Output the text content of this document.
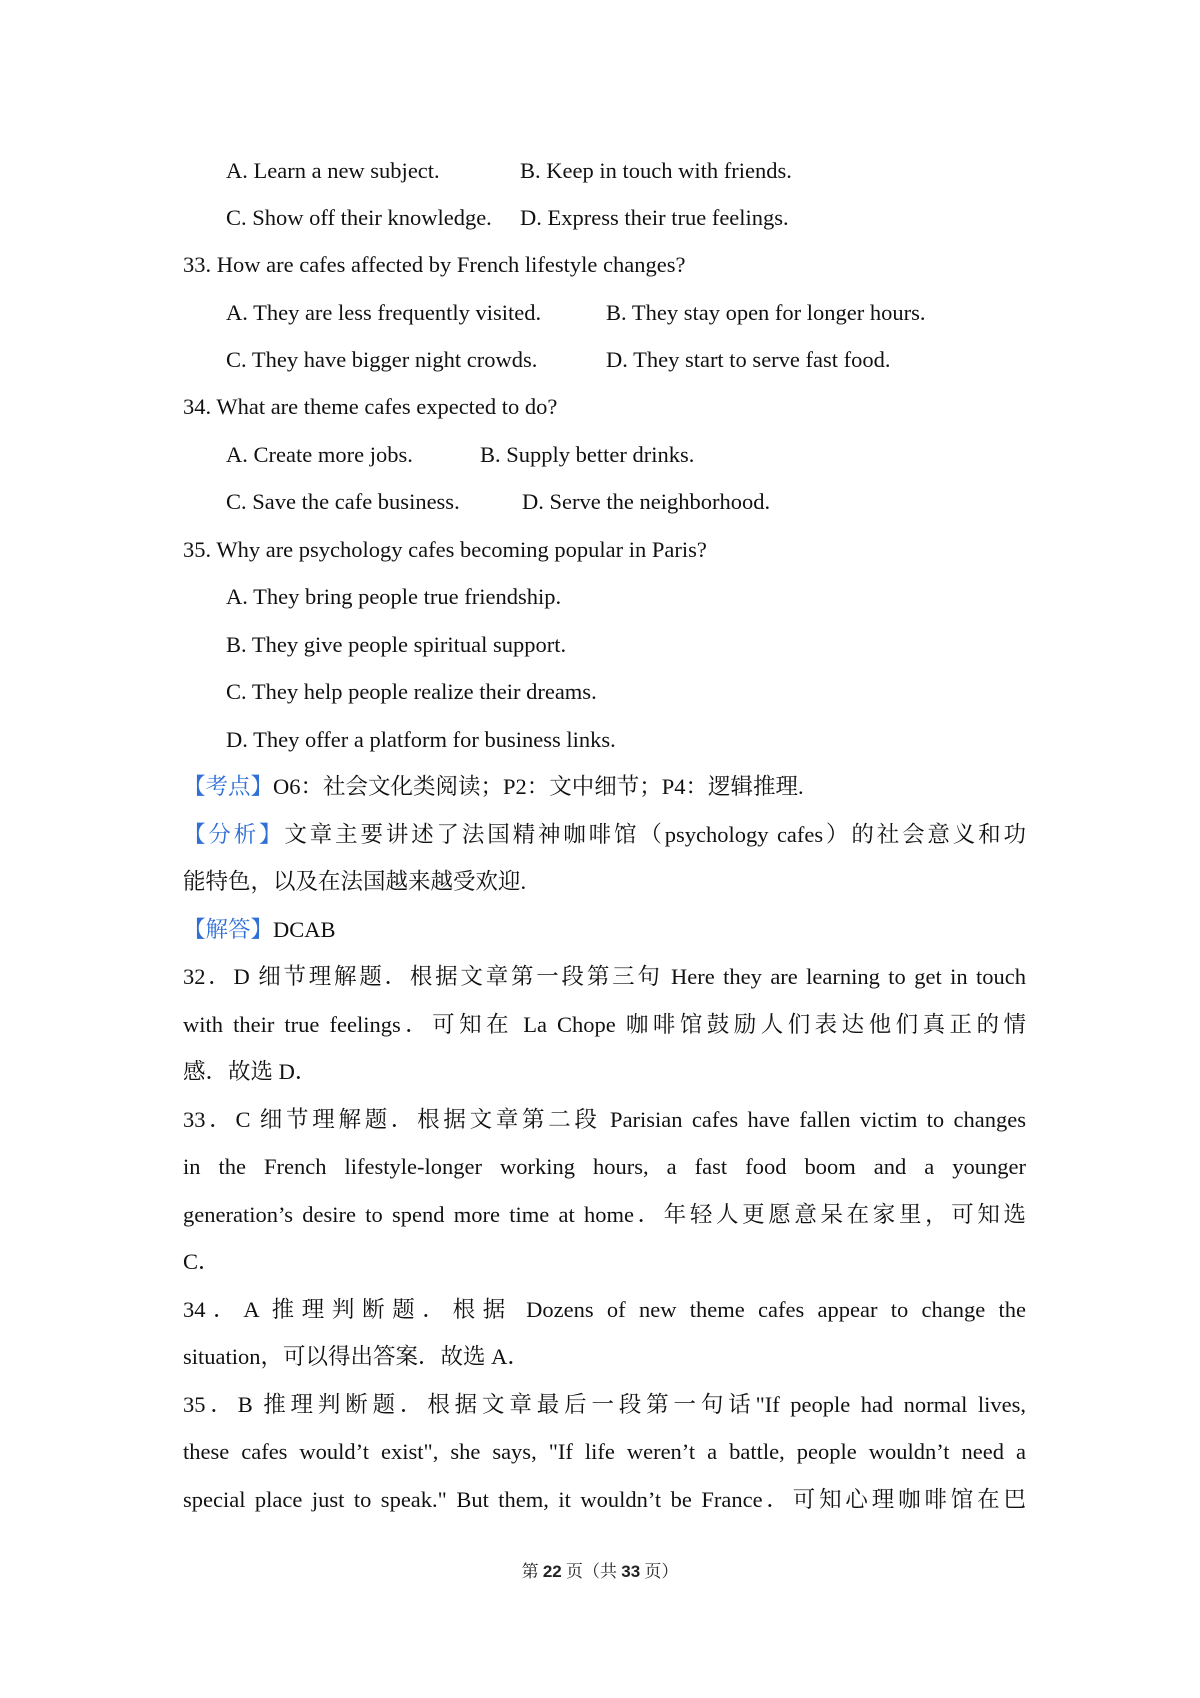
A. Learn a new subject.	B. Keep in touch with friends.
C. Show off their knowledge. D. Express their true feelings.
33. How are cafes affected by French lifestyle changes?
A. They are less frequently visited.	B. They stay open for longer hours.
C. They have bigger night crowds.	D. They start to serve fast food.
34. What are theme cafes expected to do?
A. Create more jobs.	B. Supply better drinks.
C. Save the cafe business.	D. Serve the neighborhood.
35. Why are psychology cafes becoming popular in Paris?
A. They bring people true friendship.
B. They give people spiritual support.
C. They help people realize their dreams.
D. They offer a platform for business links.
【考点】O6：社会文化类阅读；P2：文中细节；P4：逻辑推理.
【分析】文章主要讲述了法国精神咖啡馆（psychology cafes）的社会意义和功
能特色，以及在法国越来越受欢迎.
【解答】DCAB
32．D 细节理解题．根据文章第一段第三句 Here they are learning to get in touch
with their true feelings．可知在 La Chope 咖啡馆鼓励人们表达他们真正的情
感．故选 D．
33．C 细节理解题．根据文章第二段 Parisian cafes have fallen victim to changes
in the French lifestyle-longer working hours, a fast food boom and a younger
generation’s desire to spend more time at home．年轻人更愿意呆在家里，可知选
C．
34．A 推理判断题．根据 Dozens of new theme cafes appear to change the
situation，可以得出答案．故选 A．
35．B 推理判断题．根据文章最后一段第一句话"If people had normal lives,
these cafes would’t exist", she says, "If life weren’t a battle, people wouldn’t need a
special place just to speak." But them, it wouldn’t be France．可知心理咖啡馆在巴
第 22 页（共 33 页）
